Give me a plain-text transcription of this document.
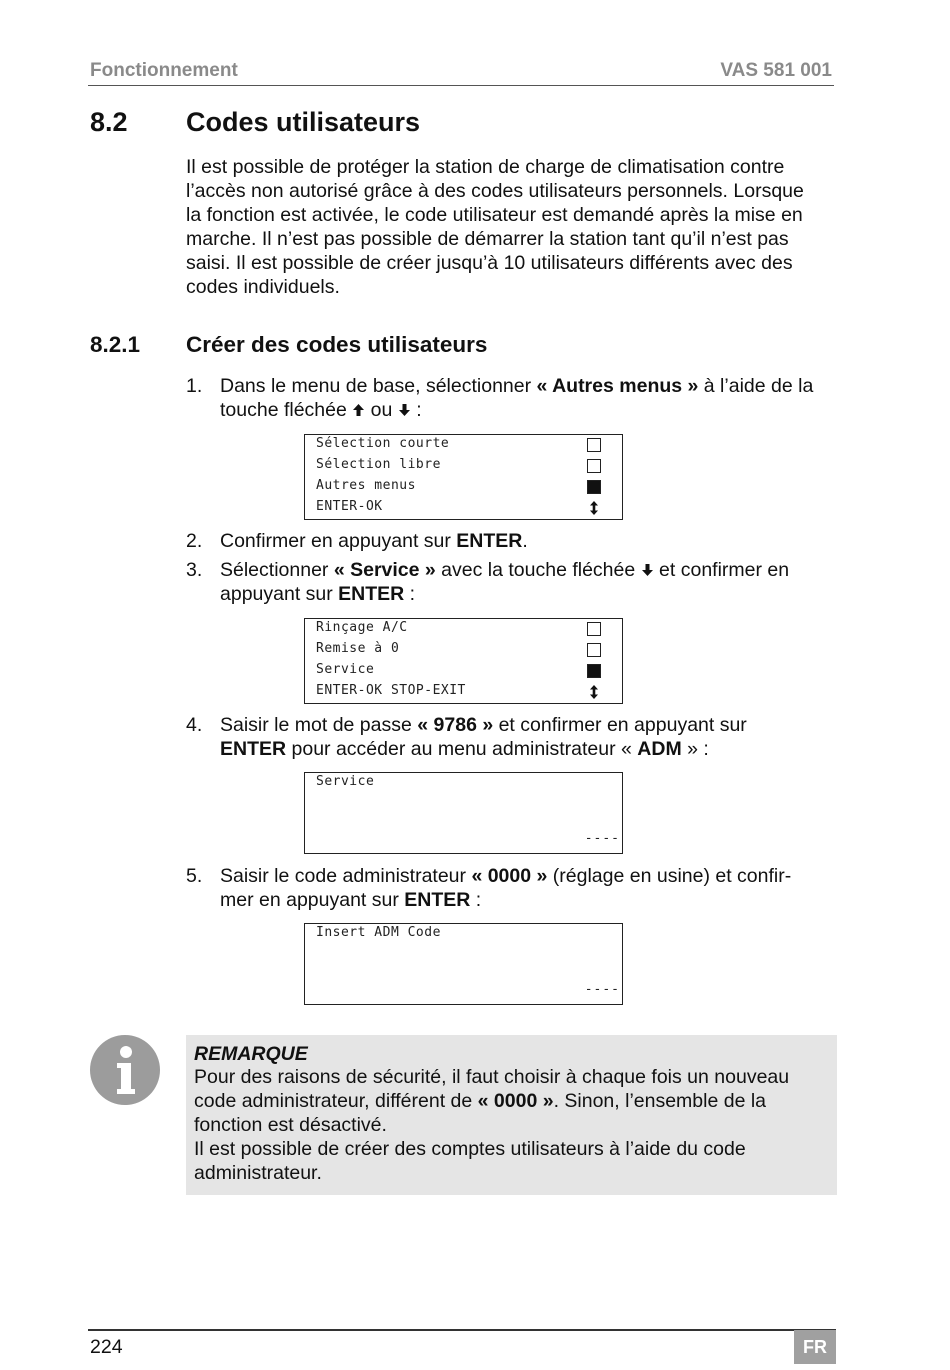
Fonctionnement	VAS 581 001
8.2 Codes utilisateurs
Il est possible de protéger la station de charge de climatisation contre
l’accès non autorisé grâce à des codes utilisateurs personnels. Lorsque
la fonction est activée, le code utilisateur est demandé après la mise en
marche. Il n’est pas possible de démarrer la station tant qu’il n’est pas
saisi. Il est possible de créer jusqu’à 10 utilisateurs différents avec des
codes individuels.
8.2.1 Créer des codes utilisateurs
1. Dans le menu de base, sélectionner « Autres menus » à l’aide de la
touche fléchée  ou  :
Sélection courte
Sélection libre
Autres menus
ENTER-OK
2. Confirmer en appuyant sur ENTER.
3. Sélectionner « Service » avec la touche fléchée  et confirmer en
appuyant sur ENTER :
Rinçage A/C
Remise à 0
Service
ENTER-OK STOP-EXIT
4. Saisir le mot de passe « 9786 » et confirmer en appuyant sur
ENTER pour accéder au menu administrateur « ADM » :
Service
----
5. Saisir le code administrateur « 0000 » (réglage en usine) et confir-
mer en appuyant sur ENTER :
Insert ADM Code
----
REMARQUE
Pour des raisons de sécurité, il faut choisir à chaque fois un nouveau
code administrateur, différent de « 0000 ». Sinon, l’ensemble de la
fonction est désactivé.
Il est possible de créer des comptes utilisateurs à l’aide du code
administrateur.
224	FR
